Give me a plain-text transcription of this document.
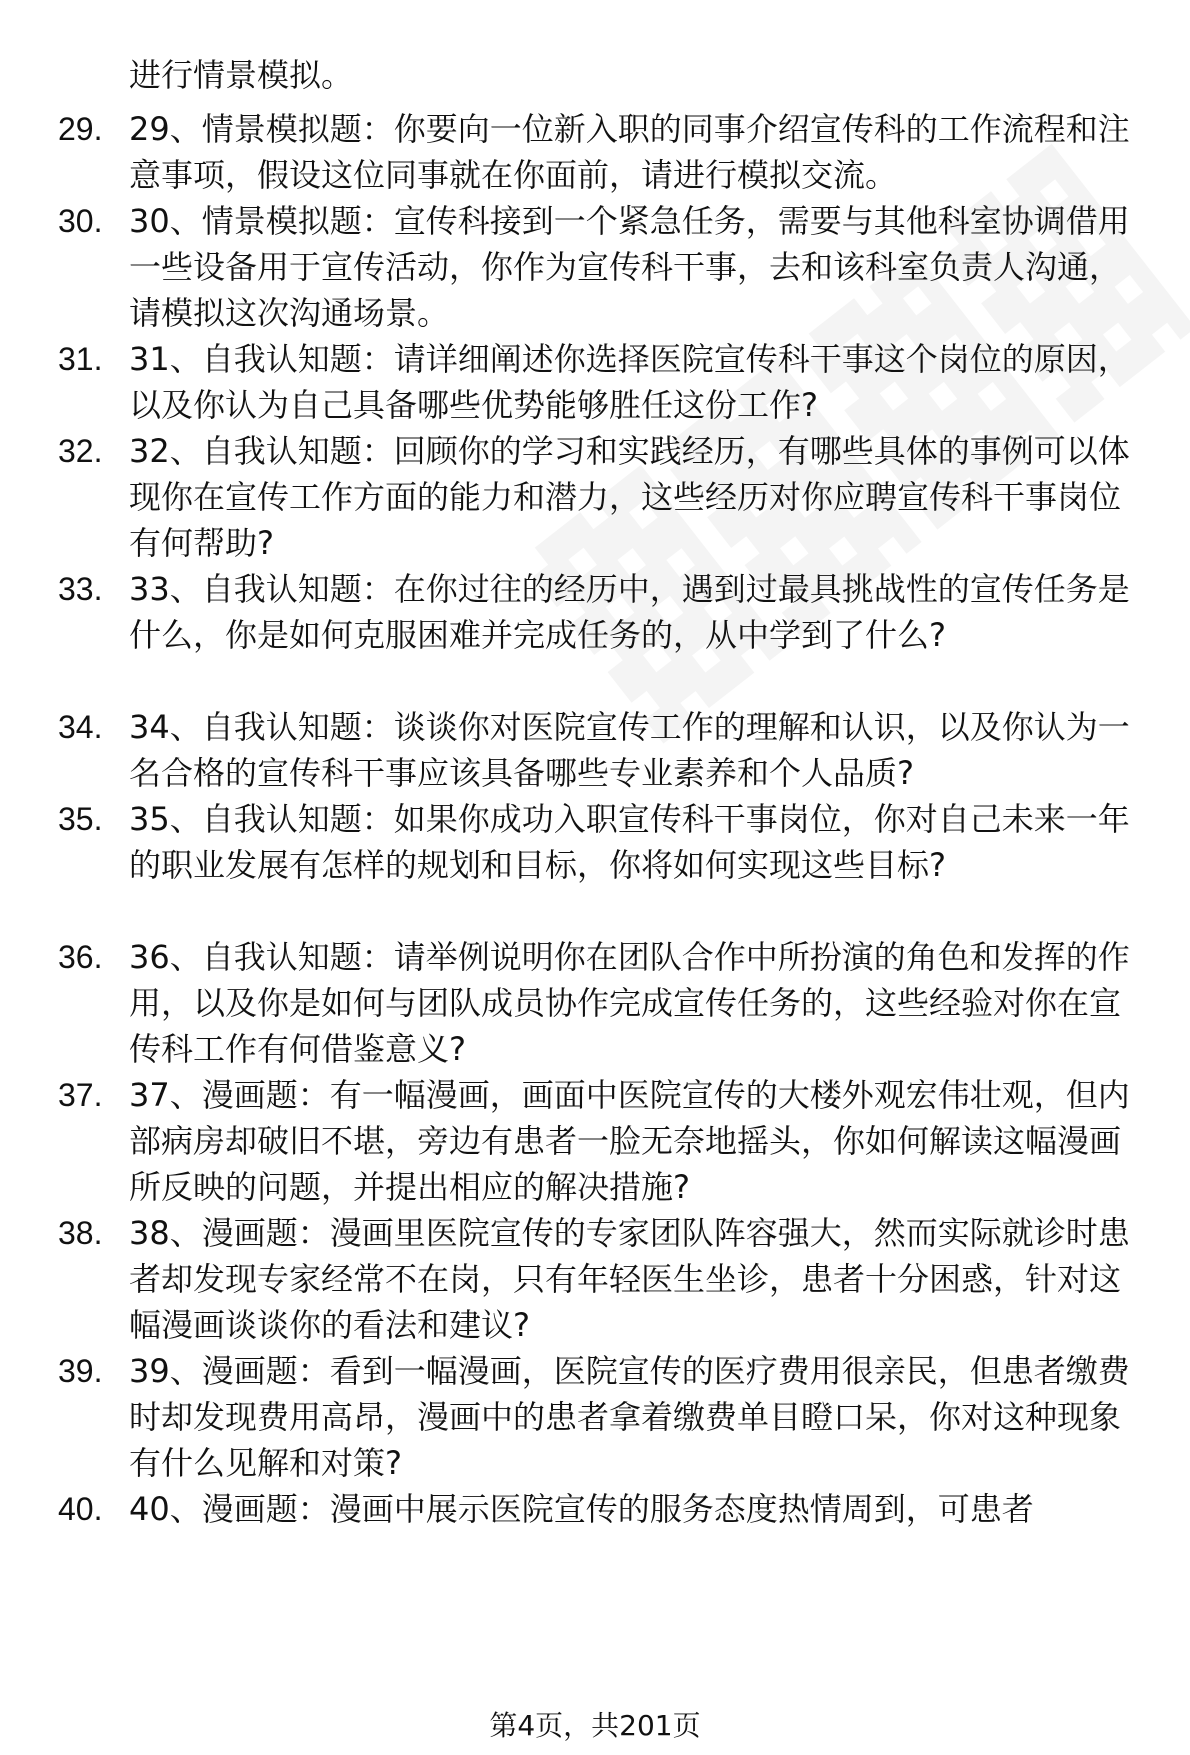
进行情景模拟。
29. 29、情景模拟题：你要向一位新入职的同事介绍宣传科的工作流程和注意事项，假设这位同事就在你面前，请进行模拟交流。
30. 30、情景模拟题：宣传科接到一个紧急任务，需要与其他科室协调借用一些设备用于宣传活动，你作为宣传科干事，去和该科室负责人沟通，请模拟这次沟通场景。
31. 31、自我认知题：请详细阐述你选择医院宣传科干事这个岗位的原因，以及你认为自己具备哪些优势能够胜任这份工作?
32. 32、自我认知题：回顾你的学习和实践经历，有哪些具体的事例可以体现你在宣传工作方面的能力和潜力，这些经历对你应聘宣传科干事岗位有何帮助?
33. 33、自我认知题：在你过往的经历中，遇到过最具挑战性的宣传任务是什么，你是如何克服困难并完成任务的，从中学到了什么?
34. 34、自我认知题：谈谈你对医院宣传工作的理解和认识，以及你认为一名合格的宣传科干事应该具备哪些专业素养和个人品质?
35. 35、自我认知题：如果你成功入职宣传科干事岗位，你对自己未来一年的职业发展有怎样的规划和目标，你将如何实现这些目标?
36. 36、自我认知题：请举例说明你在团队合作中所扮演的角色和发挥的作用，以及你是如何与团队成员协作完成宣传任务的，这些经验对你在宣传科工作有何借鉴意义?
37. 37、漫画题：有一幅漫画，画面中医院宣传的大楼外观宏伟壮观，但内部病房却破旧不堪，旁边有患者一脸无奈地摇头，你如何解读这幅漫画所反映的问题，并提出相应的解决措施?
38. 38、漫画题：漫画里医院宣传的专家团队阵容强大，然而实际就诊时患者却发现专家经常不在岗，只有年轻医生坐诊，患者十分困惑，针对这幅漫画谈谈你的看法和建议?
39. 39、漫画题：看到一幅漫画，医院宣传的医疗费用很亲民，但患者缴费时却发现费用高昂，漫画中的患者拿着缴费单目瞪口呆，你对这种现象有什么见解和对策?
40. 40、漫画题：漫画中展示医院宣传的服务态度热情周到，可患者
第4页，共201页
